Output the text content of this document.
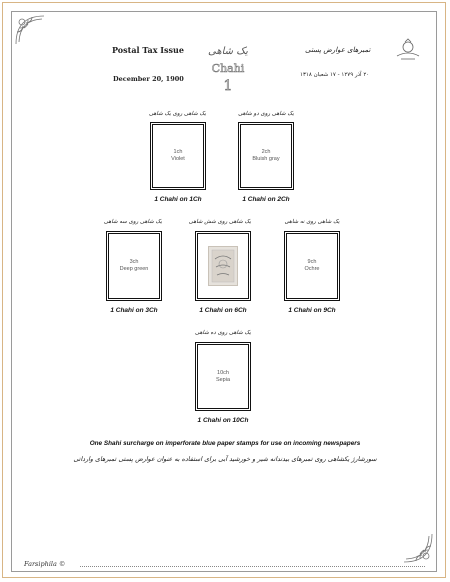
Postal Tax Issue
December 20, 1900
یک شاهی
Chahi
1
تمبرهای عوارض پستی
۲۰ آذر ۱۲۷۹ - ۱۷ شعبان ۱۳۱۸
یک شاهی روی یک شاهی
1ch
Violet
1 Chahi on 1Ch
یک شاهی روی دو شاهی
2ch
Bluish gray
1 Chahi on 2Ch
یک شاهی روی سه شاهی
3ch
Deep green
1 Chahi on 3Ch
یک شاهی روی شش شاهی
1 Chahi on 6Ch
یک شاهی روی نه شاهی
9ch
Ochre
1 Chahi on 9Ch
یک شاهی روی ده شاهی
10ch
Sepia
1 Chahi on 10Ch
One Shahi surcharge on imperforate blue paper stamps for use on incoming newspapers
سورشارژ یکشاهی روی تمبرهای بیدندانه شیر و خورشید آبی برای استفاده به عنوان عوارض پستی تمبرهای وارداتی
Farsiphila ©
